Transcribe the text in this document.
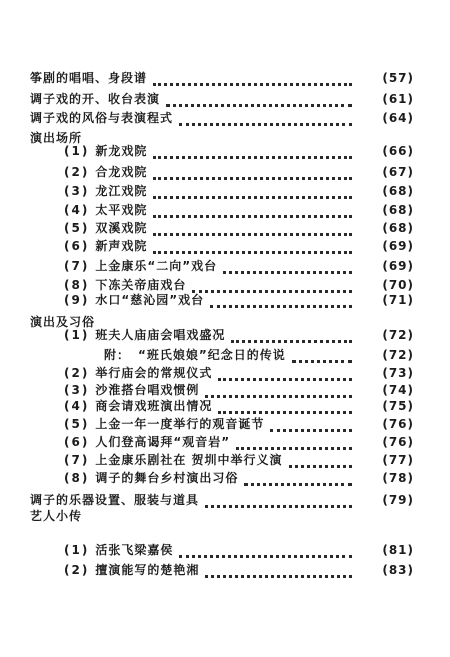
筝剧的唱唱、身段谱	(57)
调子戏的开、收台表演	(61)
调子戏的风俗与表演程式	(64)
演出场所
(1) 新龙戏院	(66)
(2) 合龙戏院	(67)
(3) 龙江戏院	(68)
(4) 太平戏院	(68)
(5) 双溪戏院	(68)
(6) 新声戏院	(69)
(7) 上金康乐“二向”戏台	(69)
(8) 下冻关帝庙戏台	(70)
(9) 水口“慈沁园”戏台	(71)
演出及习俗
(1) 班夫人庙庙会唱戏盛况	(72)
附： “班氏娘娘”纪念日的传说	(72)
(2) 举行庙会的常规仪式	(73)
(3) 沙淮搭台唱戏惯例	(74)
(4) 商会请戏班演出情况	(75)
(5) 上金一年一度举行的观音诞节	(76)
(6) 人们登高谒拜“观音岩”	(76)
(7) 上金康乐剧社在 贺圳中举行义演	(77)
(8) 调子的舞台乡村演出习俗	(78)
调子的乐器设置、服装与道具	(79)
艺人小传
(1) 活张飞梁嘉侯	(81)
(2) 擅演能写的楚艳湘	(83)
